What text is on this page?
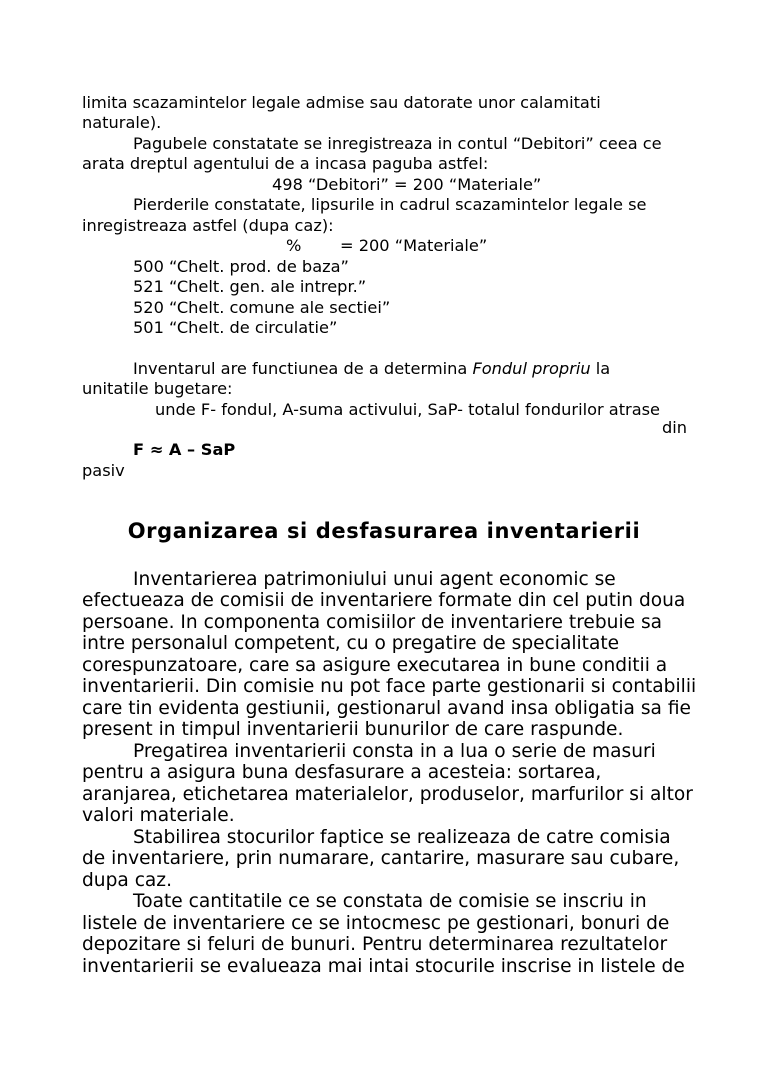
limita scazamintelor legale admise sau datorate unor calamitati

naturale).

Pagubele constatate se inregistreaza in contul “Debitori” ceea ce

arata dreptul agentului de a incasa paguba astfel:

498 “Debitori” = 200 “Materiale”

Pierderile constatate, lipsurile in cadrul scazamintelor legale se

inregistreaza astfel (dupa caz):

% = 200 “Materiale”

500 “Chelt. prod. de baza”

521 “Chelt. gen. ale intrepr.”

520 “Chelt. comune ale sectiei”

501 “Chelt. de circulatie”

Inventarul are functiunea de a determina Fondul propriu la

unitatile bugetare:

unde F- fondul, A-suma activului, SaP- totalul fondurilor atrase

din

F ≈ A – SaP

pasiv

Organizarea si desfasurarea inventarierii

Inventarierea patrimoniului unui agent economic se

efectueaza de comisii de inventariere formate din cel putin doua

persoane. In componenta comisiilor de inventariere trebuie sa

intre personalul competent, cu o pregatire de specialitate

corespunzatoare, care sa asigure executarea in bune conditii a

inventarierii. Din comisie nu pot face parte gestionarii si contabilii

care tin evidenta gestiunii, gestionarul avand insa obligatia sa fie

present in timpul inventarierii bunurilor de care raspunde.

Pregatirea inventarierii consta in a lua o serie de masuri

pentru a asigura buna desfasurare a acesteia: sortarea,

aranjarea, etichetarea materialelor, produselor, marfurilor si altor

valori materiale.

Stabilirea stocurilor faptice se realizeaza de catre comisia

de inventariere, prin numarare, cantarire, masurare sau cubare,

dupa caz.

Toate cantitatile ce se constata de comisie se inscriu in

listele de inventariere ce se intocmesc pe gestionari, bonuri de

depozitare si feluri de bunuri. Pentru determinarea rezultatelor

inventarierii se evalueaza mai intai stocurile inscrise in listele de
